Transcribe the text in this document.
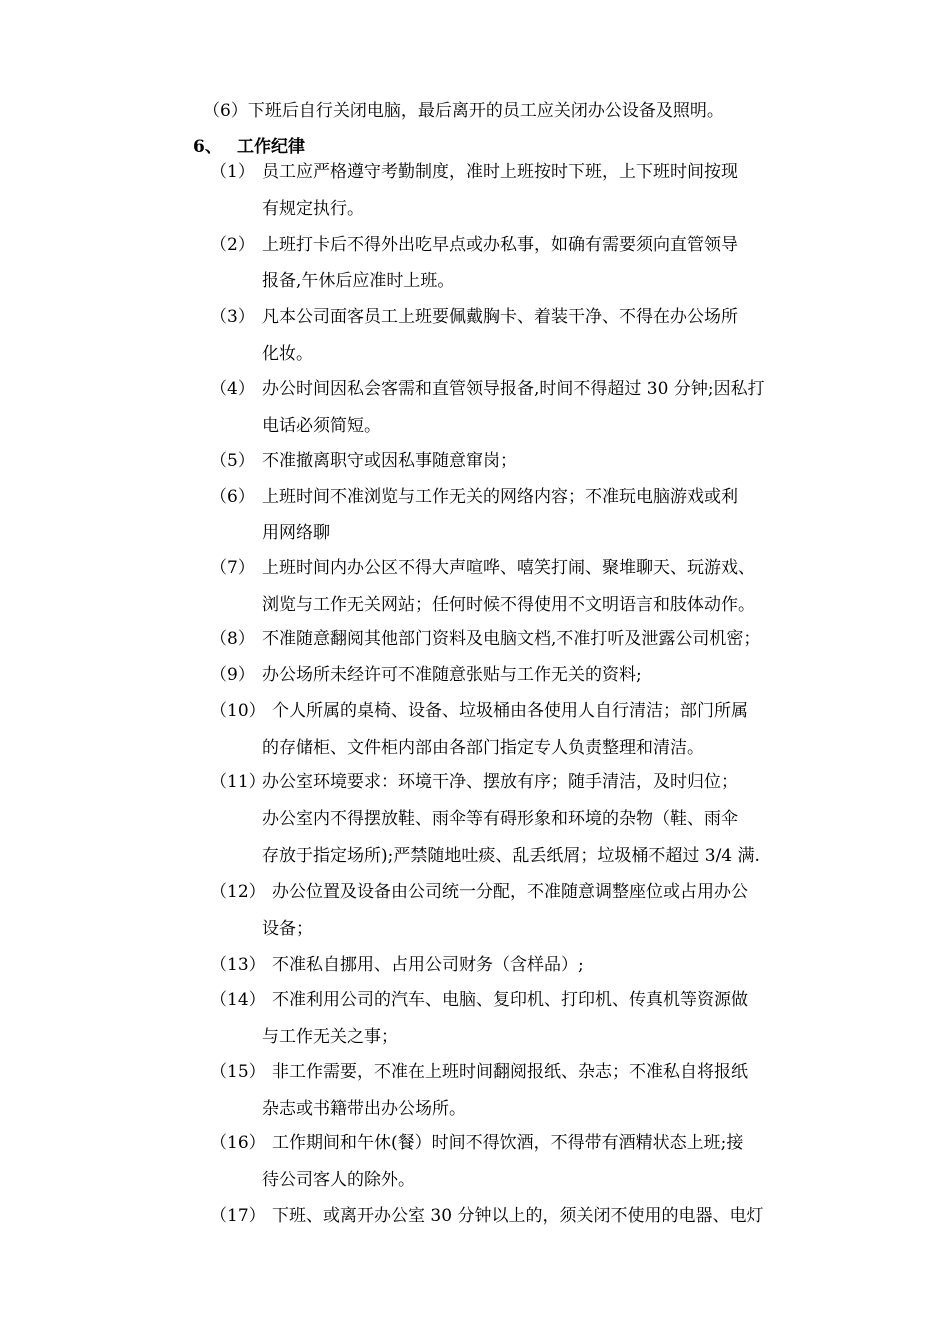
（6）下班后自行关闭电脑，最后离开的员工应关闭办公设备及照明。
6、 工作纪律
（1） 员工应严格遵守考勤制度，准时上班按时下班，上下班时间按现
有规定执行。
（2） 上班打卡后不得外出吃早点或办私事，如确有需要须向直管领导
报备,午休后应准时上班。
（3） 凡本公司面客员工上班要佩戴胸卡、着装干净、不得在办公场所
化妆。
（4） 办公时间因私会客需和直管领导报备,时间不得超过 30 分钟;因私打
电话必须简短。
（5） 不准撤离职守或因私事随意窜岗；
（6） 上班时间不准浏览与工作无关的网络内容；不准玩电脑游戏或利
用网络聊
（7） 上班时间内办公区不得大声喧哗、嘻笑打闹、聚堆聊天、玩游戏、
浏览与工作无关网站；任何时候不得使用不文明语言和肢体动作。
（8） 不准随意翻阅其他部门资料及电脑文档,不准打听及泄露公司机密；
（9） 办公场所未经许可不准随意张贴与工作无关的资料;
（10） 个人所属的桌椅、设备、垃圾桶由各使用人自行清洁；部门所属
的存储柜、文件柜内部由各部门指定专人负责整理和清洁。
（11）
办公室环境要求：环境干净、摆放有序；随手清洁，及时归位；
办公室内不得摆放鞋、雨伞等有碍形象和环境的杂物（鞋、雨伞
存放于指定场所);严禁随地吐痰、乱丢纸屑；垃圾桶不超过 3/4 满.
（12） 办公位置及设备由公司统一分配，不准随意调整座位或占用办公
设备；
（13） 不准私自挪用、占用公司财务（含样品）;
（14） 不准利用公司的汽车、电脑、复印机、打印机、传真机等资源做
与工作无关之事；
（15） 非工作需要，不准在上班时间翻阅报纸、杂志；不准私自将报纸
杂志或书籍带出办公场所。
（16） 工作期间和午休(餐）时间不得饮酒，不得带有酒精状态上班;接
待公司客人的除外。
（17） 下班、或离开办公室 30 分钟以上的，须关闭不使用的电器、电灯
